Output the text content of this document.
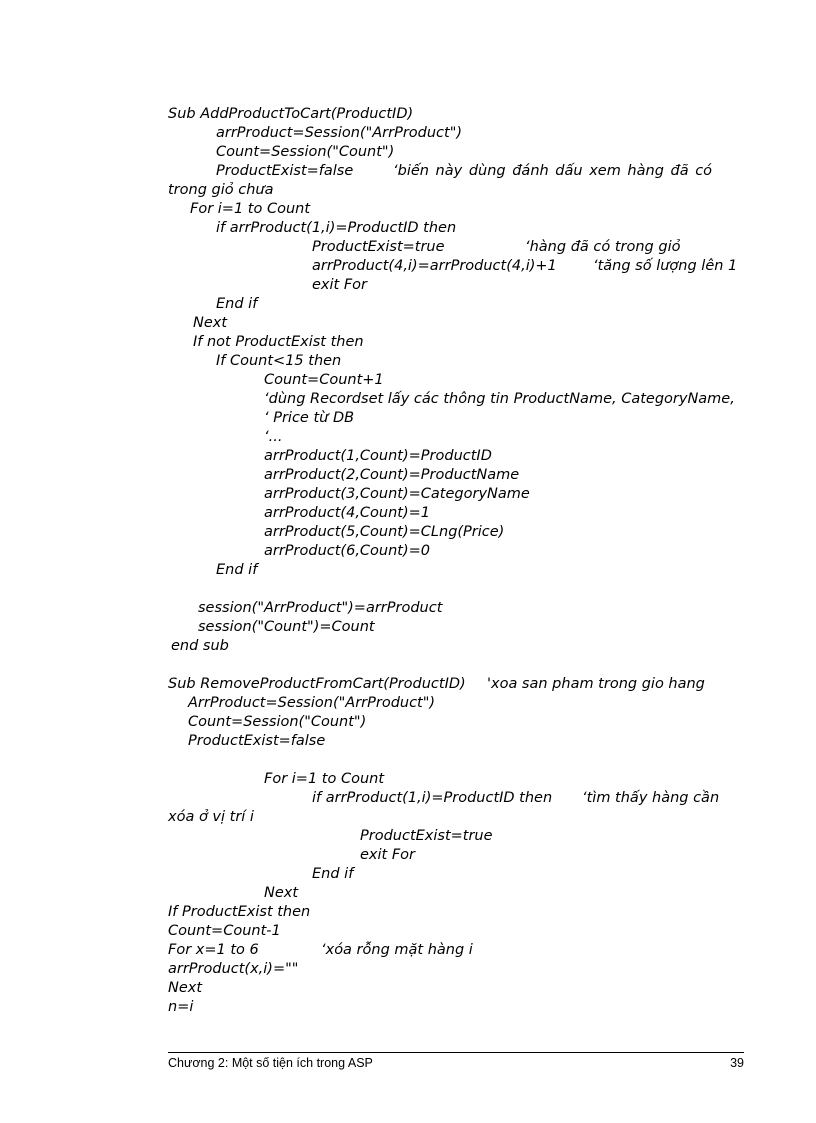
Sub AddProductToCart(ProductID)
arrProduct=Session("ArrProduct")
Count=Session("Count")
ProductExist=false	‘biến này dùng đánh dấu xem hàng đã có
trong giỏ chưa
For i=1 to Count
if arrProduct(1,i)=ProductID then
ProductExist=true	‘hàng đã có trong giỏ
arrProduct(4,i)=arrProduct(4,i)+1 ‘tăng số lượng lên 1
exit For
End if
Next
If not ProductExist then
If Count<15 then
Count=Count+1
‘dùng Recordset lấy các thông tin ProductName, CategoryName,
‘ Price từ DB
‘...
arrProduct(1,Count)=ProductID
arrProduct(2,Count)=ProductName
arrProduct(3,Count)=CategoryName
arrProduct(4,Count)=1
arrProduct(5,Count)=CLng(Price)
arrProduct(6,Count)=0
End if
session("ArrProduct")=arrProduct
session("Count")=Count
end sub
Sub RemoveProductFromCart(ProductID) 'xoa san pham trong gio hang
ArrProduct=Session("ArrProduct")
Count=Session("Count")
ProductExist=false
For i=1 to Count
if arrProduct(1,i)=ProductID then ‘tìm thấy hàng cần
xóa ở vị trí i
ProductExist=true
exit For
End if
Next
If ProductExist then
Count=Count-1
For x=1 to 6	‘xóa rỗng mặt hàng i
arrProduct(x,i)=""
Next
n=i
Chương 2: Một số tiện ích trong ASP	39
